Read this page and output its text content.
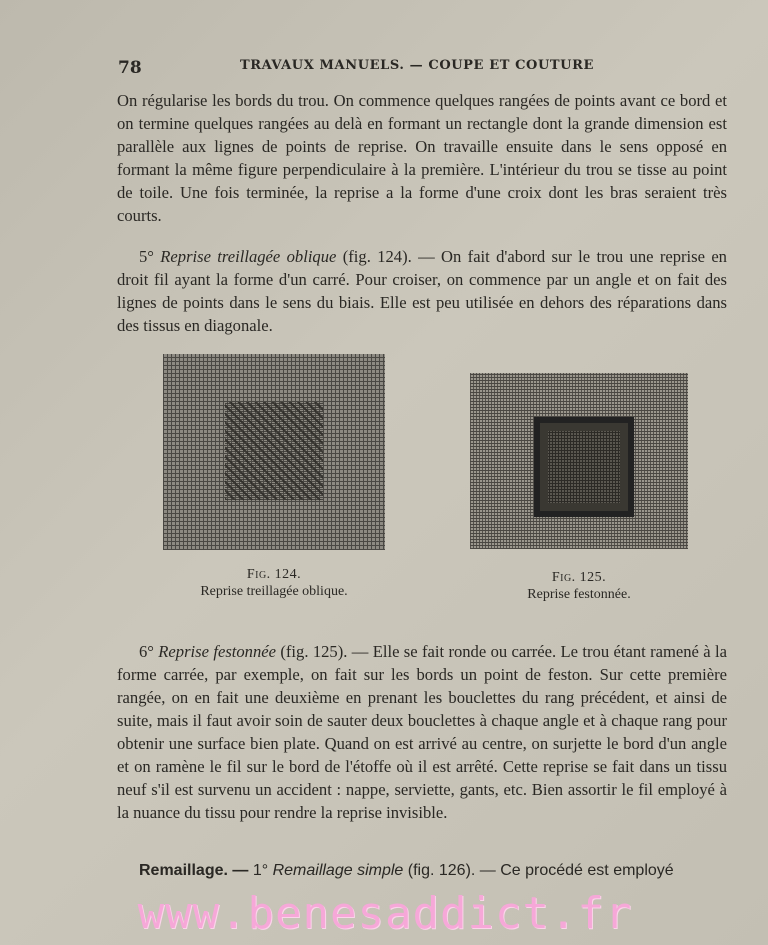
78	TRAVAUX MANUELS. — COUPE ET COUTURE

On régularise les bords du trou. On commence quelques rangées de points avant ce bord et on termine quelques rangées au delà en formant un rectangle dont la grande dimension est parallèle aux lignes de points de reprise. On travaille ensuite dans le sens opposé en formant la même figure perpendiculaire à la première. L'intérieur du trou se tisse au point de toile. Une fois terminée, la reprise a la forme d'une croix dont les bras seraient très courts.

5° Reprise treillagée oblique (fig. 124). — On fait d'abord sur le trou une reprise en droit fil ayant la forme d'un carré. Pour croiser, on commence par un angle et on fait des lignes de points dans le sens du biais. Elle est peu utilisée en dehors des réparations dans des tissus en diagonale.

Fig. 124.
Reprise treillagée oblique.
Fig. 125.
Reprise festonnée.

6° Reprise festonnée (fig. 125). — Elle se fait ronde ou carrée. Le trou étant ramené à la forme carrée, par exemple, on fait sur les bords un point de feston. Sur cette première rangée, on en fait une deuxième en prenant les bouclettes du rang précédent, et ainsi de suite, mais il faut avoir soin de sauter deux bouclettes à chaque angle et à chaque rang pour obtenir une surface bien plate. Quand on est arrivé au centre, on surjette le bord d'un angle et on ramène le fil sur le bord de l'étoffe où il est arrêté. Cette reprise se fait dans un tissu neuf s'il est survenu un accident : nappe, serviette, gants, etc. Bien assortir le fil employé à la nuance du tissu pour rendre la reprise invisible.

Remaillage. — 1° Remaillage simple (fig. 126). — Ce procédé est employé

www.benesaddict.fr
